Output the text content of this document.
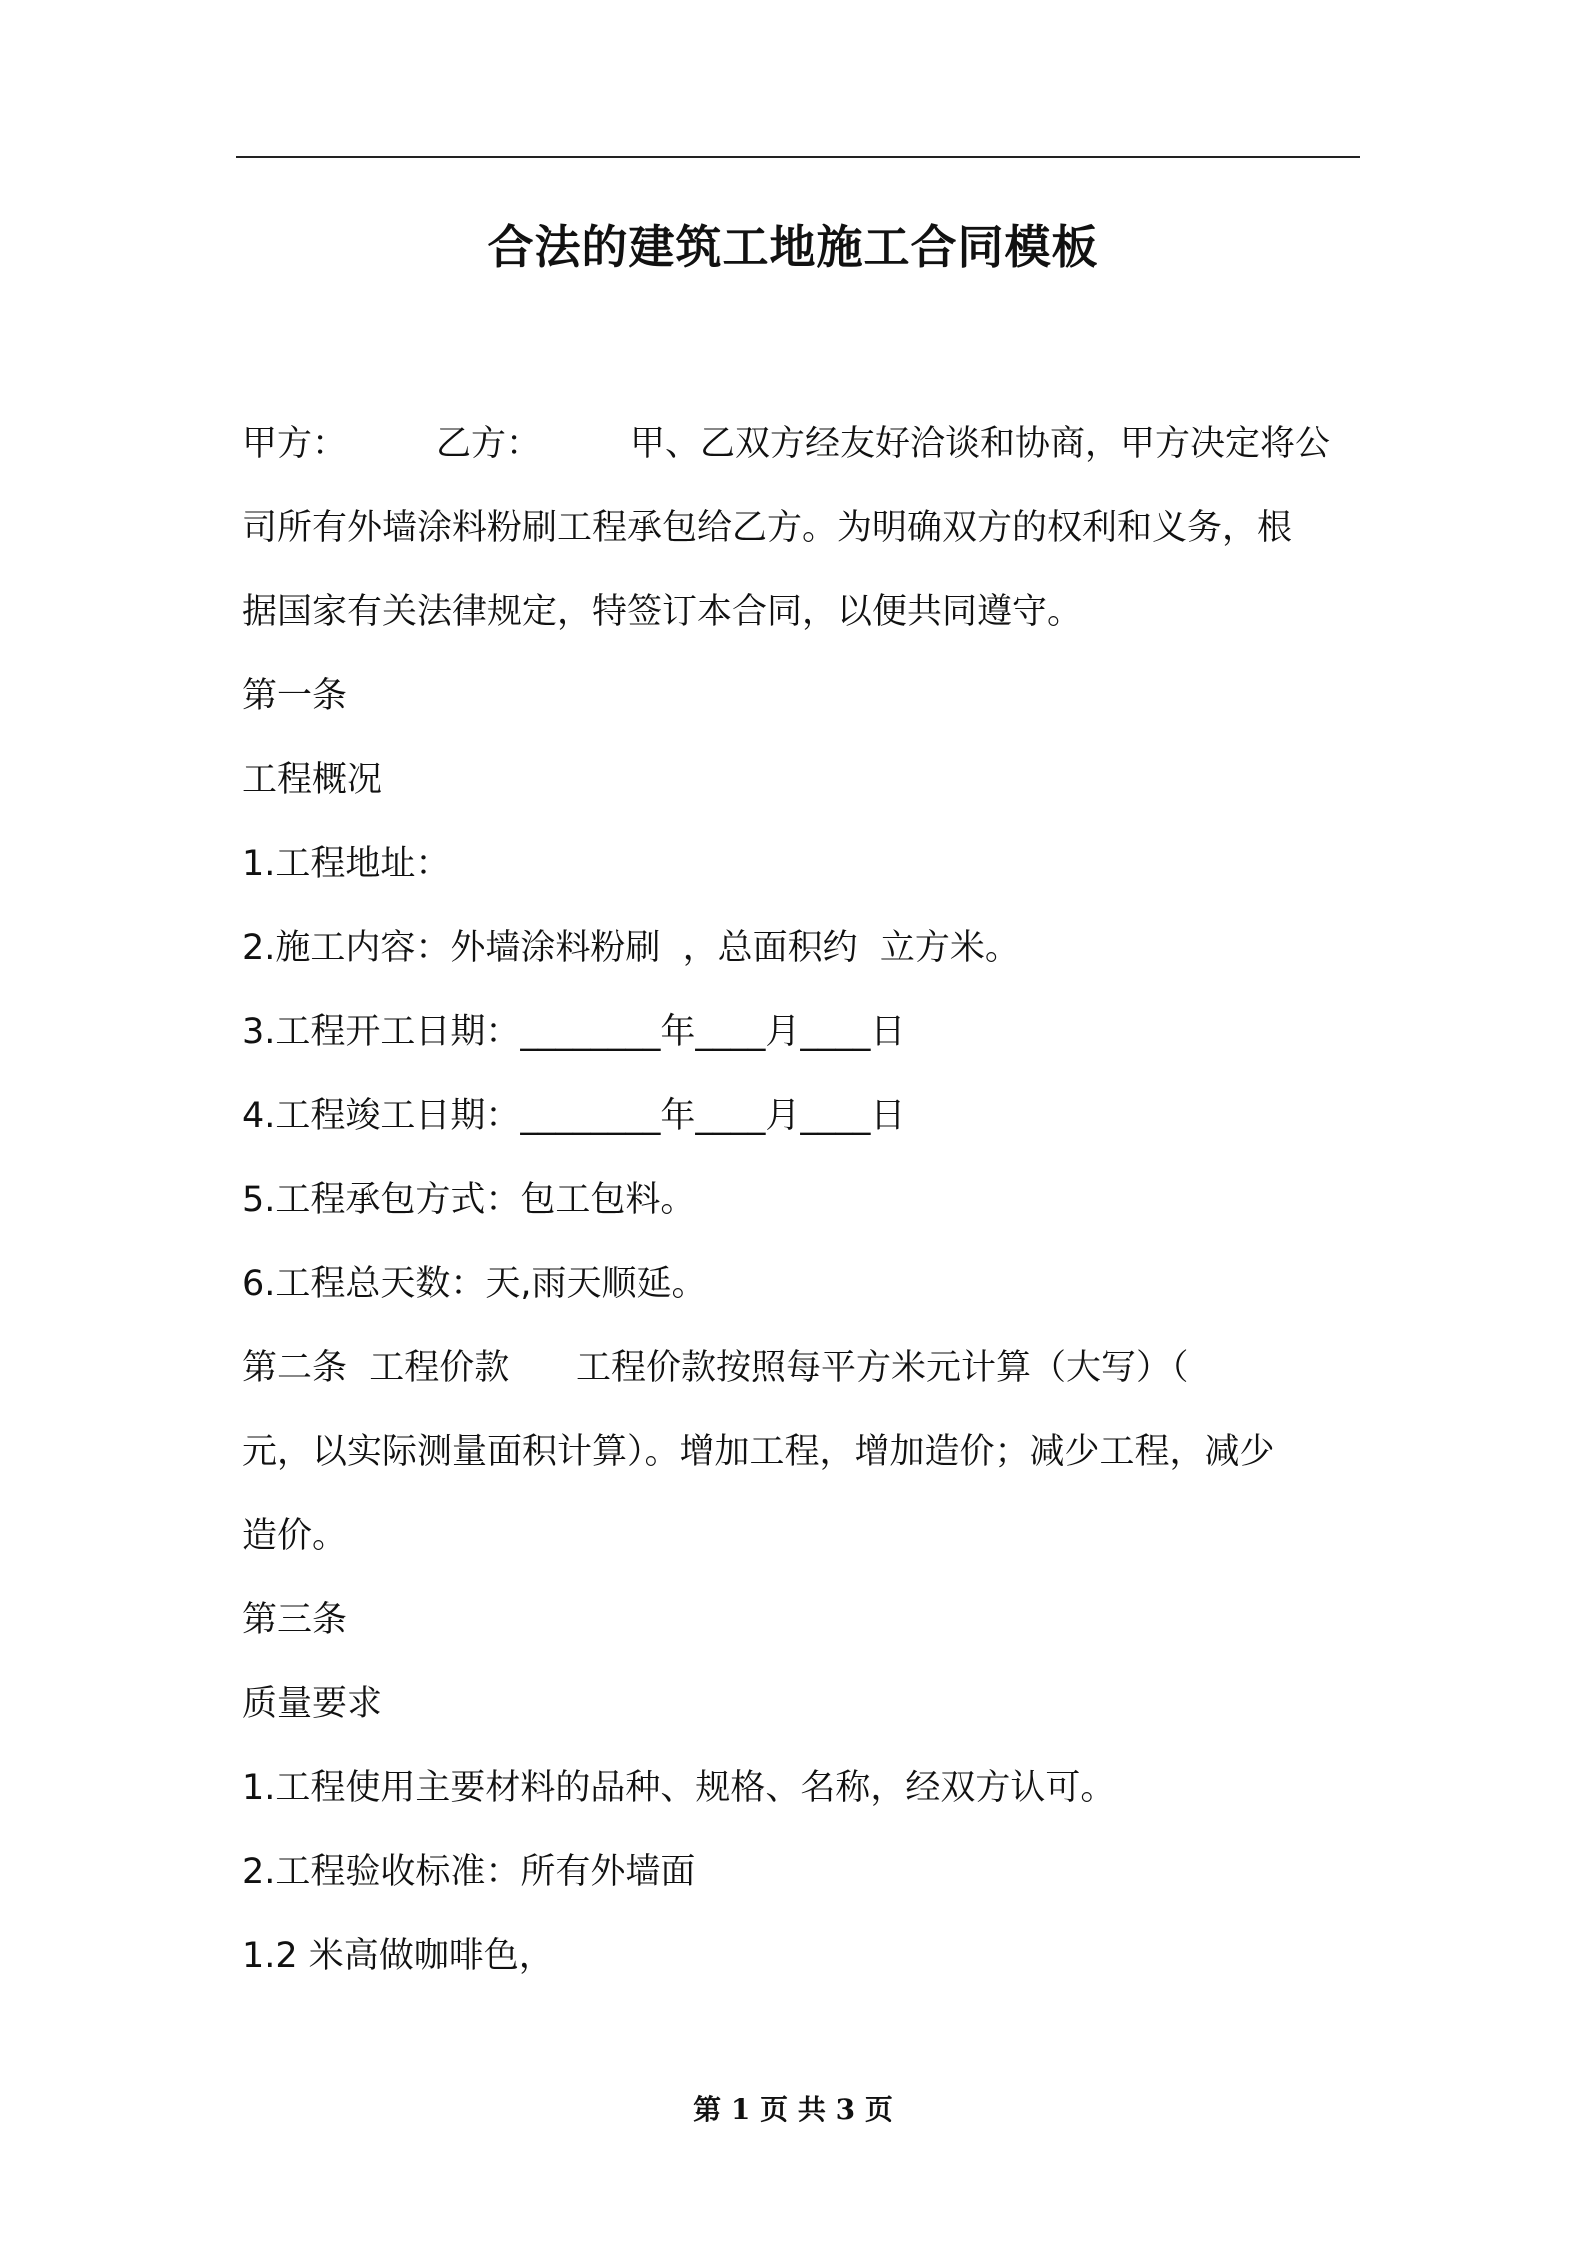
合法的建筑工地施工合同模板
甲方：        乙方：        甲、乙双方经友好洽谈和协商，甲方决定将公
司所有外墙涂料粉刷工程承包给乙方。为明确双方的权利和义务，根
据国家有关法律规定，特签订本合同，以便共同遵守。
第一条
工程概况
1.工程地址：
2.施工内容：外墙涂料粉刷  ，总面积约  立方米。
3.工程开工日期：________年____月____日
4.工程竣工日期：________年____月____日
5.工程承包方式：包工包料。
6.工程总天数：天,雨天顺延。
第二条  工程价款      工程价款按照每平方米元计算（大写）（
元，以实际测量面积计算）。增加工程，增加造价；减少工程，减少
造价。
第三条
质量要求
1.工程使用主要材料的品种、规格、名称，经双方认可。
2.工程验收标准：所有外墙面
1.2 米高做咖啡色，
第 1 页 共 3 页
